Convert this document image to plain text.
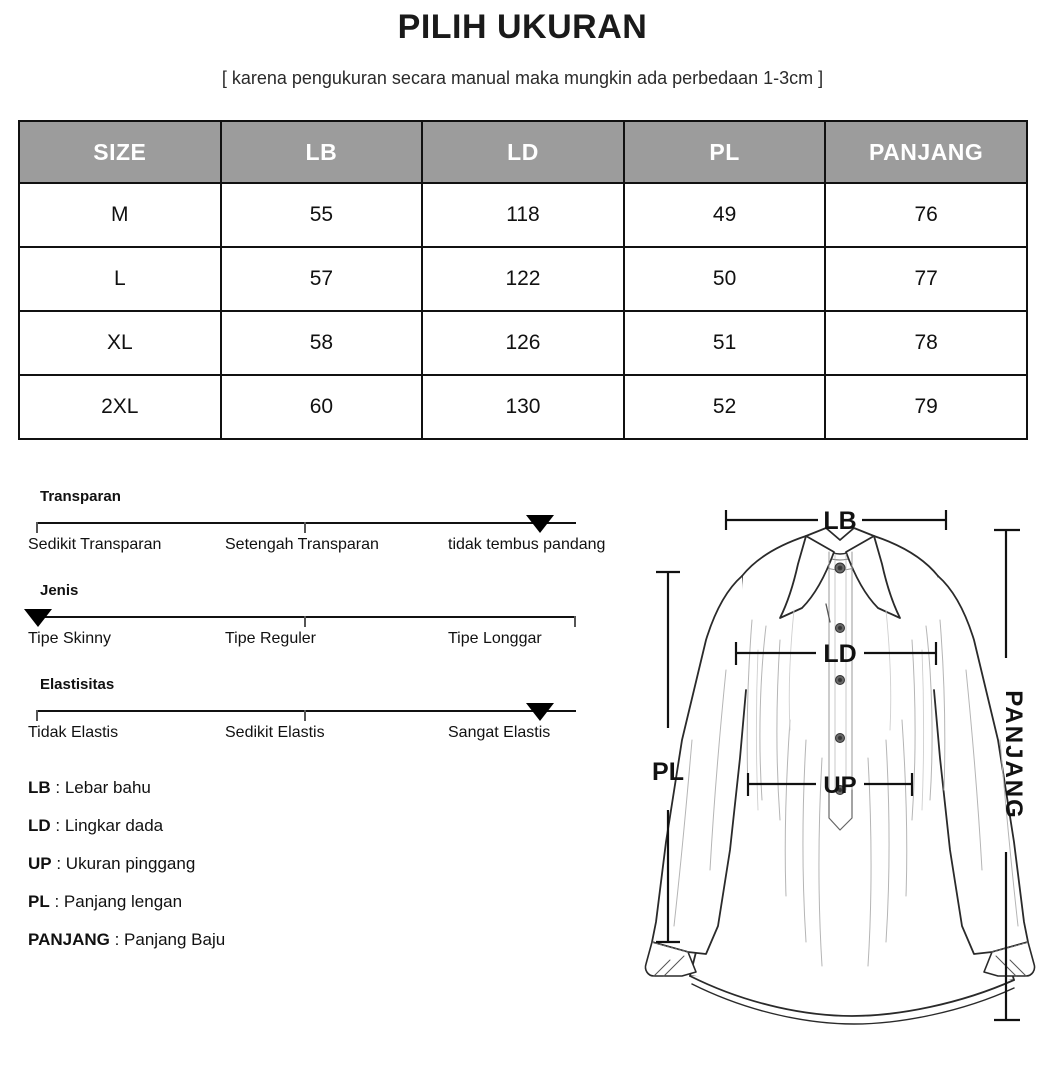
PILIH UKURAN
[ karena pengukuran secara manual maka mungkin ada perbedaan 1-3cm ]
SIZE	LB	LD	PL	PANJANG
M	55	118	49	76
L	57	122	50	77
XL	58	126	51	78
2XL	60	130	52	79
Transparan
Sedikit Transparan	Setengah Transparan	tidak tembus pandang
Jenis
Tipe Skinny	Tipe Reguler	Tipe Longgar
Elastisitas
Tidak Elastis	Sedikit Elastis	Sangat Elastis
LB : Lebar bahu
LD : Lingkar dada
UP : Ukuran pinggang
PL : Panjang lengan
PANJANG : Panjang Baju
LB
LD
UP
PL	PANJANG
